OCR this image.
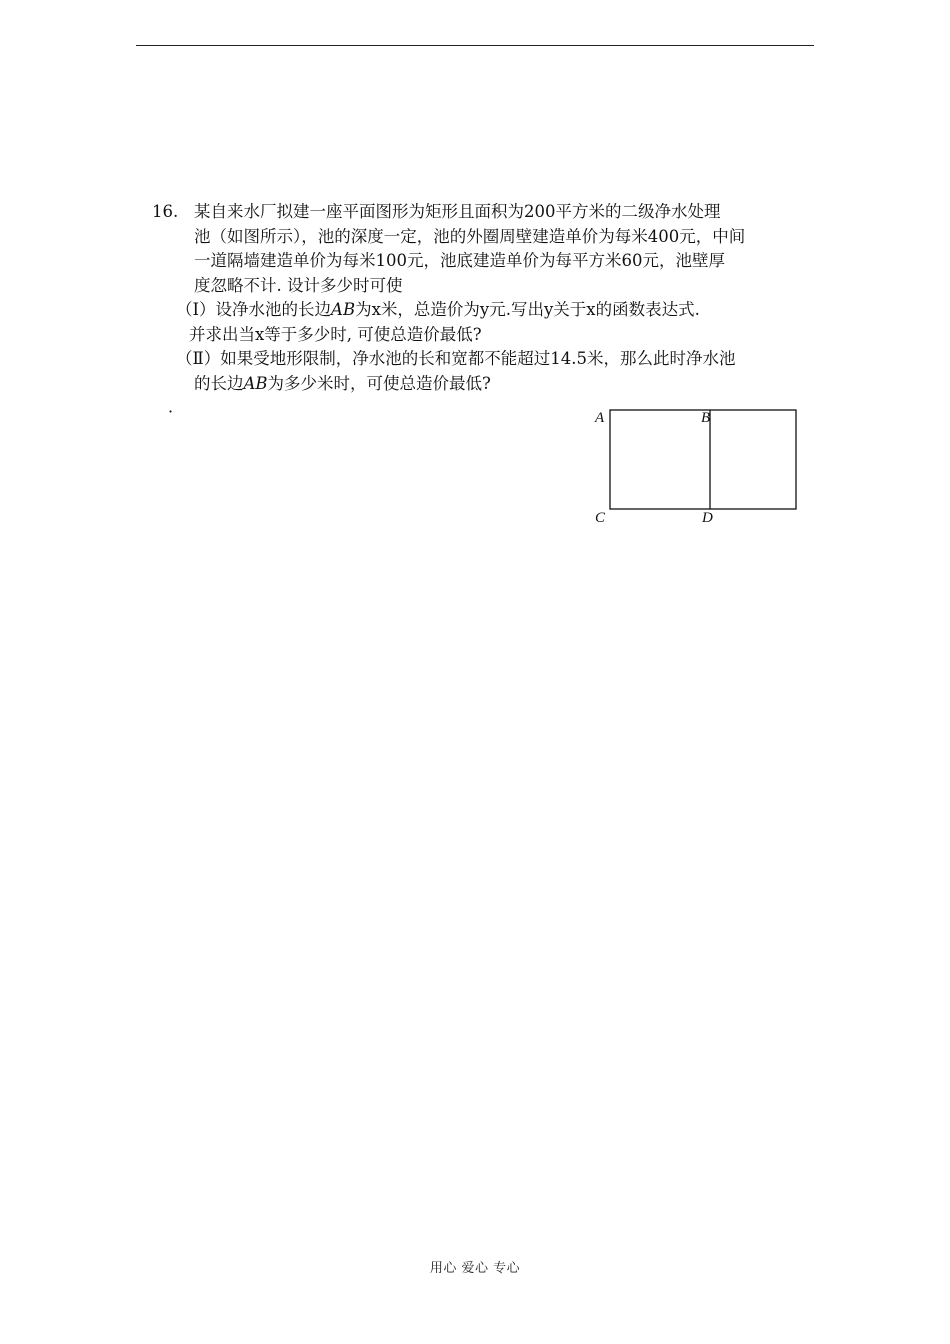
16. 某自来水厂拟建一座平面图形为矩形且面积为200平方米的二级净水处理
池（如图所示），池的深度一定，池的外圈周壁建造单价为每米400元，中间
一道隔墙建造单价为每米100元，池底建造单价为每平方米60元，池壁厚
度忽略不计. 设计多少时可使
（Ⅰ）设净水池的长边AB为x米，总造价为y元.写出y关于x的函数表达式.
并求出当x等于多少时, 可使总造价最低?
（Ⅱ）如果受地形限制，净水池的长和宽都不能超过14.5米，那么此时净水池
的长边AB为多少米时，可使总造价最低?
·	A	B
C	D
用心 爱心 专心
